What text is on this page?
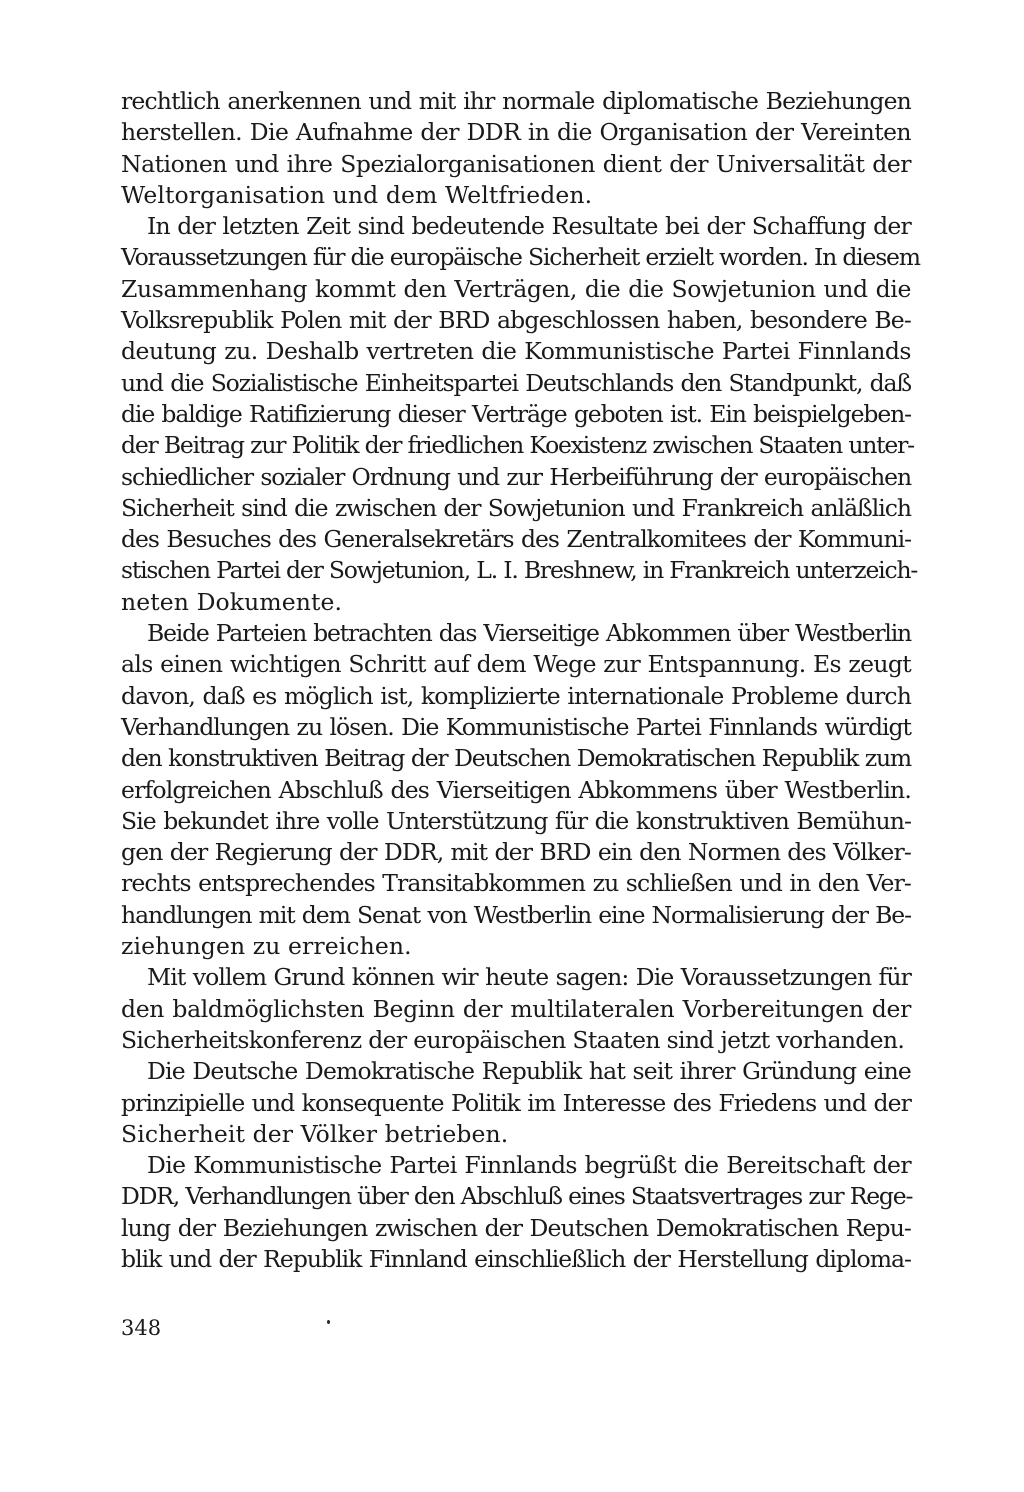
rechtlich anerkennen und mit ihr normale diplomatische Beziehungen
herstellen. Die Aufnahme der DDR in die Organisation der Vereinten
Nationen und ihre Spezialorganisationen dient der Universalität der
Weltorganisation und dem Weltfrieden.
In der letzten Zeit sind bedeutende Resultate bei der Schaffung der
Voraussetzungen für die europäische Sicherheit erzielt worden. In diesem
Zusammenhang kommt den Verträgen, die die Sowjetunion und die
Volksrepublik Polen mit der BRD abgeschlossen haben, besondere Be-
deutung zu. Deshalb vertreten die Kommunistische Partei Finnlands
und die Sozialistische Einheitspartei Deutschlands den Standpunkt, daß
die baldige Ratifizierung dieser Verträge geboten ist. Ein beispielgeben-
der Beitrag zur Politik der friedlichen Koexistenz zwischen Staaten unter-
schiedlicher sozialer Ordnung und zur Herbeiführung der europäischen
Sicherheit sind die zwischen der Sowjetunion und Frankreich anläßlich
des Besuches des Generalsekretärs des Zentralkomitees der Kommuni-
stischen Partei der Sowjetunion, L. I. Breshnew, in Frankreich unterzeich-
neten Dokumente.
Beide Parteien betrachten das Vierseitige Abkommen über Westberlin
als einen wichtigen Schritt auf dem Wege zur Entspannung. Es zeugt
davon, daß es möglich ist, komplizierte internationale Probleme durch
Verhandlungen zu lösen. Die Kommunistische Partei Finnlands würdigt
den konstruktiven Beitrag der Deutschen Demokratischen Republik zum
erfolgreichen Abschluß des Vierseitigen Abkommens über Westberlin.
Sie bekundet ihre volle Unterstützung für die konstruktiven Bemühun-
gen der Regierung der DDR, mit der BRD ein den Normen des Völker-
rechts entsprechendes Transitabkommen zu schließen und in den Ver-
handlungen mit dem Senat von Westberlin eine Normalisierung der Be-
ziehungen zu erreichen.
Mit vollem Grund können wir heute sagen: Die Voraussetzungen für
den baldmöglichsten Beginn der multilateralen Vorbereitungen der
Sicherheitskonferenz der europäischen Staaten sind jetzt vorhanden.
Die Deutsche Demokratische Republik hat seit ihrer Gründung eine
prinzipielle und konsequente Politik im Interesse des Friedens und der
Sicherheit der Völker betrieben.
Die Kommunistische Partei Finnlands begrüßt die Bereitschaft der
DDR, Verhandlungen über den Abschluß eines Staatsvertrages zur Rege-
lung der Beziehungen zwischen der Deutschen Demokratischen Repu-
blik und der Republik Finnland einschließlich der Herstellung diploma-
348
